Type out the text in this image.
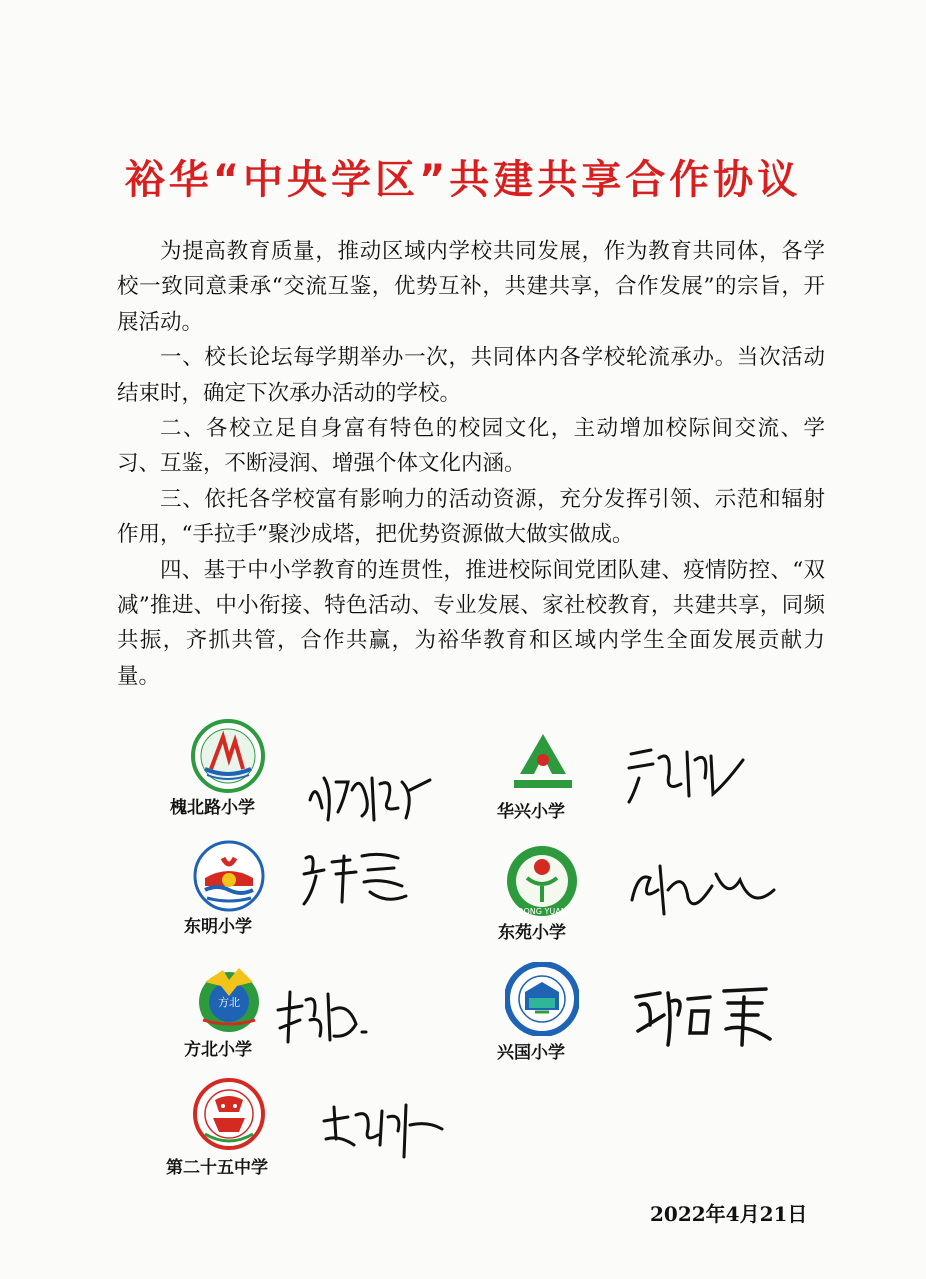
裕华“中央学区”共建共享合作协议

为提高教育质量，推动区域内学校共同发展，作为教育共同体，各学校一致同意秉承“交流互鉴，优势互补，共建共享，合作发展”的宗旨，开展活动。

一、校长论坛每学期举办一次，共同体内各学校轮流承办。当次活动结束时，确定下次承办活动的学校。

二、各校立足自身富有特色的校园文化，主动增加校际间交流、学习、互鉴，不断浸润、增强个体文化内涵。

三、依托各学校富有影响力的活动资源，充分发挥引领、示范和辐射作用，“手拉手”聚沙成塔，把优势资源做大做实做成。

四、基于中小学教育的连贯性，推进校际间党团队建、疫情防控、“双减”推进、中小衔接、特色活动、专业发展、家社校教育，共建共享，同频共振，齐抓共管，合作共赢，为裕华教育和区域内学生全面发展贡献力量。

槐北路小学	华兴小学
东明小学
DONG YUAN
东苑小学
方北
方北小学	兴国小学
第二十五中学
2022年4月21日
